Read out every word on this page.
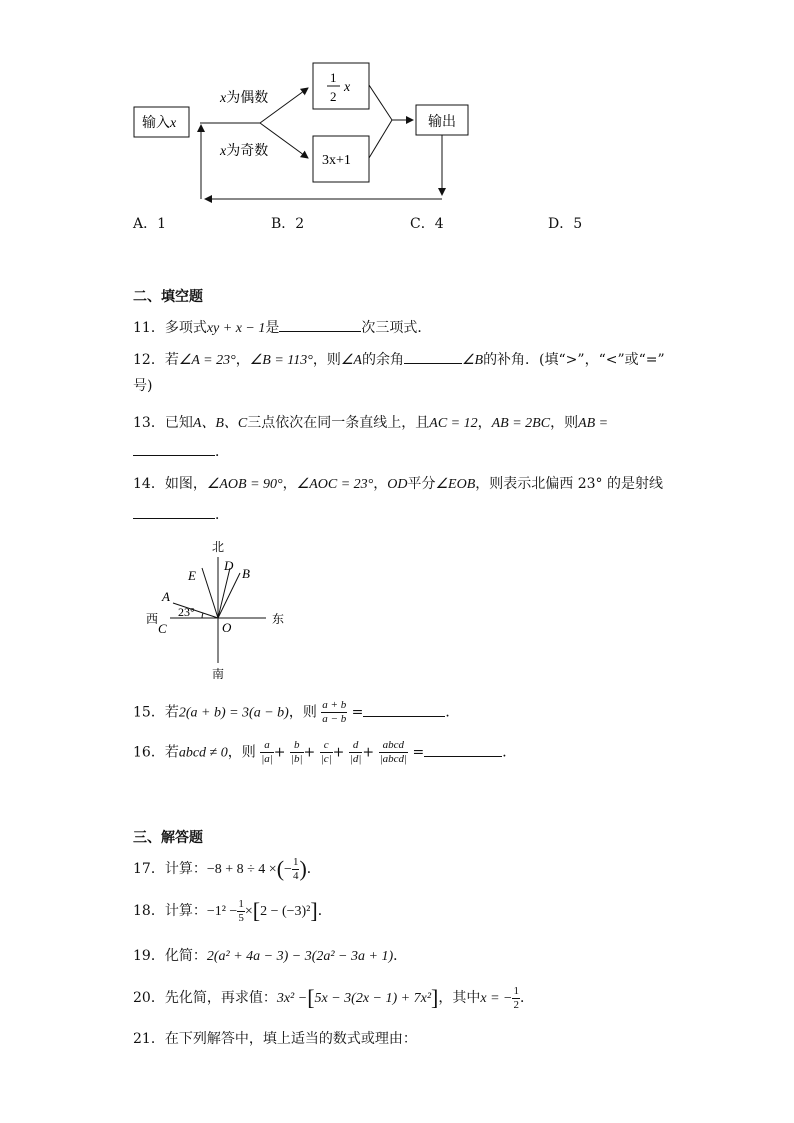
输入x
x为偶数
x为奇数
1
2
x
3x+1
输出
A．1	B．2	C．4	D．5
二、填空题
11．多项式xy + x − 1是	次三项式．
12．若∠A = 23°，∠B = 113°，则∠A的余角	∠B的补角．(填“>”，“<”或“=”
号)
13．已知A、B、C三点依次在同一条直线上，且AC = 12，AB = 2BC，则AB =
．
14．如图，∠AOB = 90°，∠AOC = 23°，OD平分∠EOB，则表示北偏西 23° 的是射线
．
北
南
东
西
O
A
C
E
D
B
23°
15．若2(a + b) = 3(a − b)，则 $\frac{a + b}{a - b}$ =	．
16．若abcd ≠ 0，则 $\frac{a}{|a|} + \frac{b}{|b|} + \frac{c}{|c|} + \frac{d}{|d|} + \frac{\text{abcd}}{\text{|abcd|}}$ =	．
三、解答题
17．计算：−8 + 8 ÷ 4 ×(− $\frac{1}{4}$ )．
18．计算：$-1^2 - \frac{1}{5} \times[2 - (-3)^2]$．
19．化简：2(a² + 4a − 3) − 3(2a² − 3a + 1)．
20．先化简，再求值：3x² −[5x − 3(2x − 1) + 7x²]，其中x = − $\frac{1}{2}$ ．
21．在下列解答中，填上适当的数式或理由：
